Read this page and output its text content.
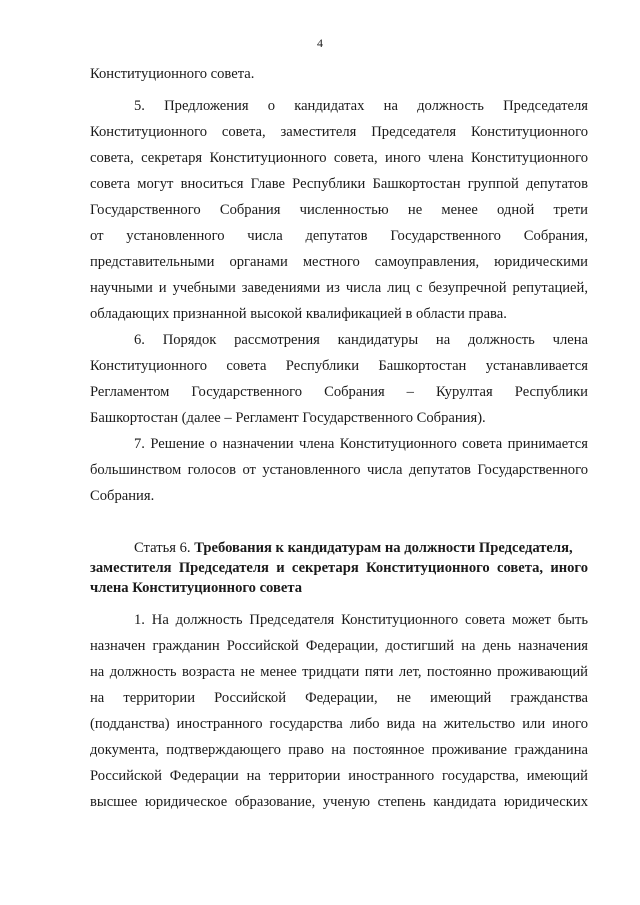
4
Конституционного совета.
5. Предложения о кандидатах на должность Председателя
Конституционного совета, заместителя Председателя Конституционного
совета, секретаря Конституционного совета, иного члена Конституционного
совета могут вноситься Главе Республики Башкортостан группой депутатов
Государственного Собрания численностью не менее одной трети
от установленного числа депутатов Государственного Собрания,
представительными органами местного самоуправления, юридическими
научными и учебными заведениями из числа лиц с безупречной репутацией,
обладающих признанной высокой квалификацией в области права.
6. Порядок рассмотрения кандидатуры на должность члена
Конституционного совета Республики Башкортостан устанавливается
Регламентом Государственного Собрания – Курултая Республики
Башкортостан (далее – Регламент Государственного Собрания).
7. Решение о назначении члена Конституционного совета принимается
большинством голосов от установленного числа депутатов Государственного
Собрания.
Статья 6. Требования к кандидатурам на должности Председателя,
заместителя Председателя и секретаря Конституционного совета, иного
члена Конституционного совета
1. На должность Председателя Конституционного совета может быть
назначен гражданин Российской Федерации, достигший на день назначения
на должность возраста не менее тридцати пяти лет, постоянно проживающий
на территории Российской Федерации, не имеющий гражданства
(подданства) иностранного государства либо вида на жительство или иного
документа, подтверждающего право на постоянное проживание гражданина
Российской Федерации на территории иностранного государства, имеющий
высшее юридическое образование, ученую степень кандидата юридических
